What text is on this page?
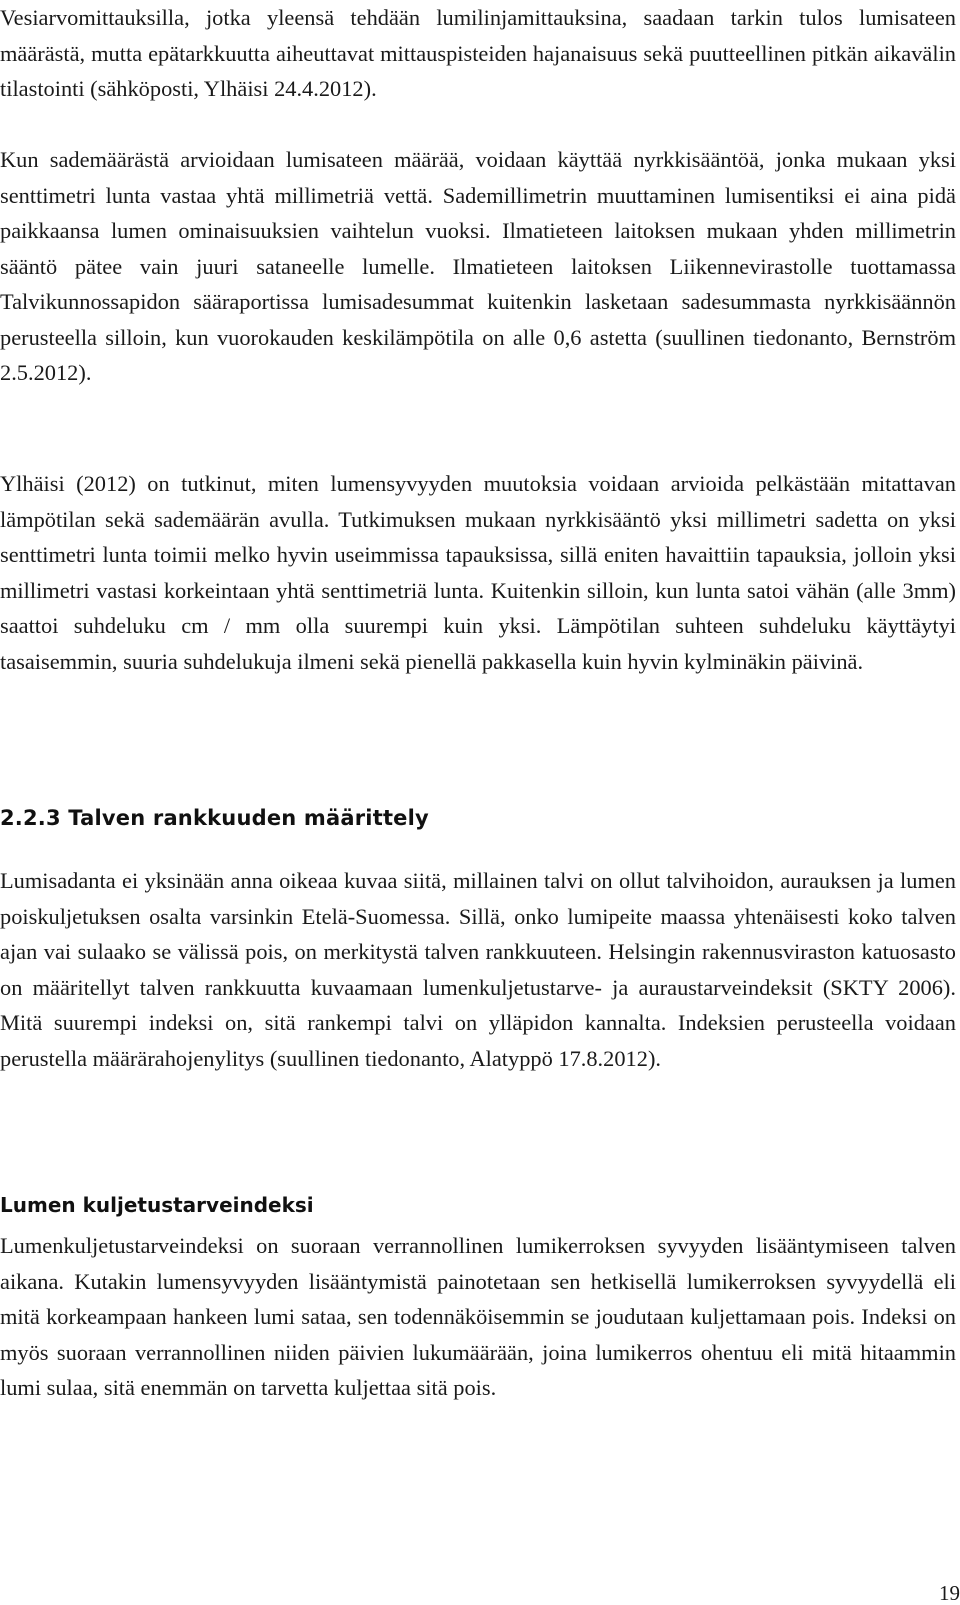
Vesiarvomittauksilla, jotka yleensä tehdään lumilinjamittauksina, saadaan tarkin tulos lumisateen määrästä, mutta epätarkkuutta aiheuttavat mittauspisteiden hajanaisuus sekä puutteellinen pitkän aikavälin tilastointi (sähköposti, Ylhäisi 24.4.2012).

Kun sademäärästä arvioidaan lumisateen määrää, voidaan käyttää nyrkkisääntöä, jonka mukaan yksi senttimetri lunta vastaa yhtä millimetriä vettä. Sademillimetrin muuttaminen lumisentiksi ei aina pidä paikkaansa lumen ominaisuuksien vaihtelun vuoksi. Ilmatieteen laitoksen mukaan yhden millimetrin sääntö pätee vain juuri sataneelle lumelle. Ilmatieteen laitoksen Liikennevirastolle tuottamassa Talvikunnossapidon sääraportissa lumisadesummat kuitenkin lasketaan sadesummasta nyrkkisäännön perusteella silloin, kun vuorokauden keskilämpötila on alle 0,6 astetta (suullinen tiedonanto, Bernström 2.5.2012).

Ylhäisi (2012) on tutkinut, miten lumensyvyyden muutoksia voidaan arvioida pelkästään mitattavan lämpötilan sekä sademäärän avulla. Tutkimuksen mukaan nyrkkisääntö yksi millimetri sadetta on yksi senttimetri lunta toimii melko hyvin useimmissa tapauksissa, sillä eniten havaittiin tapauksia, jolloin yksi millimetri vastasi korkeintaan yhtä senttimetriä lunta. Kuitenkin silloin, kun lunta satoi vähän (alle 3mm) saattoi suhdeluku cm / mm olla suurempi kuin yksi. Lämpötilan suhteen suhdeluku käyttäytyi tasaisemmin, suuria suhdelukuja ilmeni sekä pienellä pakkasella kuin hyvin kylminäkin päivinä.

2.2.3 Talven rankkuuden määrittely

Lumisadanta ei yksinään anna oikeaa kuvaa siitä, millainen talvi on ollut talvihoidon, aurauksen ja lumen poiskuljetuksen osalta varsinkin Etelä-Suomessa. Sillä, onko lumipeite maassa yhtenäisesti koko talven ajan vai sulaako se välissä pois, on merkitystä talven rankkuuteen. Helsingin rakennusviraston katuosasto on määritellyt talven rankkuutta kuvaamaan lumenkuljetustarve- ja auraustarveindeksit (SKTY 2006). Mitä suurempi indeksi on, sitä rankempi talvi on ylläpidon kannalta. Indeksien perusteella voidaan perustella määrärahojenylitys (suullinen tiedonanto, Alatyppö 17.8.2012).

Lumen kuljetustarveindeksi

Lumenkuljetustarveindeksi on suoraan verrannollinen lumikerroksen syvyyden lisääntymiseen talven aikana. Kutakin lumensyvyyden lisääntymistä painotetaan sen hetkisellä lumikerroksen syvyydellä eli mitä korkeampaan hankeen lumi sataa, sen todennäköisemmin se joudutaan kuljettamaan pois. Indeksi on myös suoraan verrannollinen niiden päivien lukumäärään, joina lumikerros ohentuu eli mitä hitaammin lumi sulaa, sitä enemmän on tarvetta kuljettaa sitä pois.

19
